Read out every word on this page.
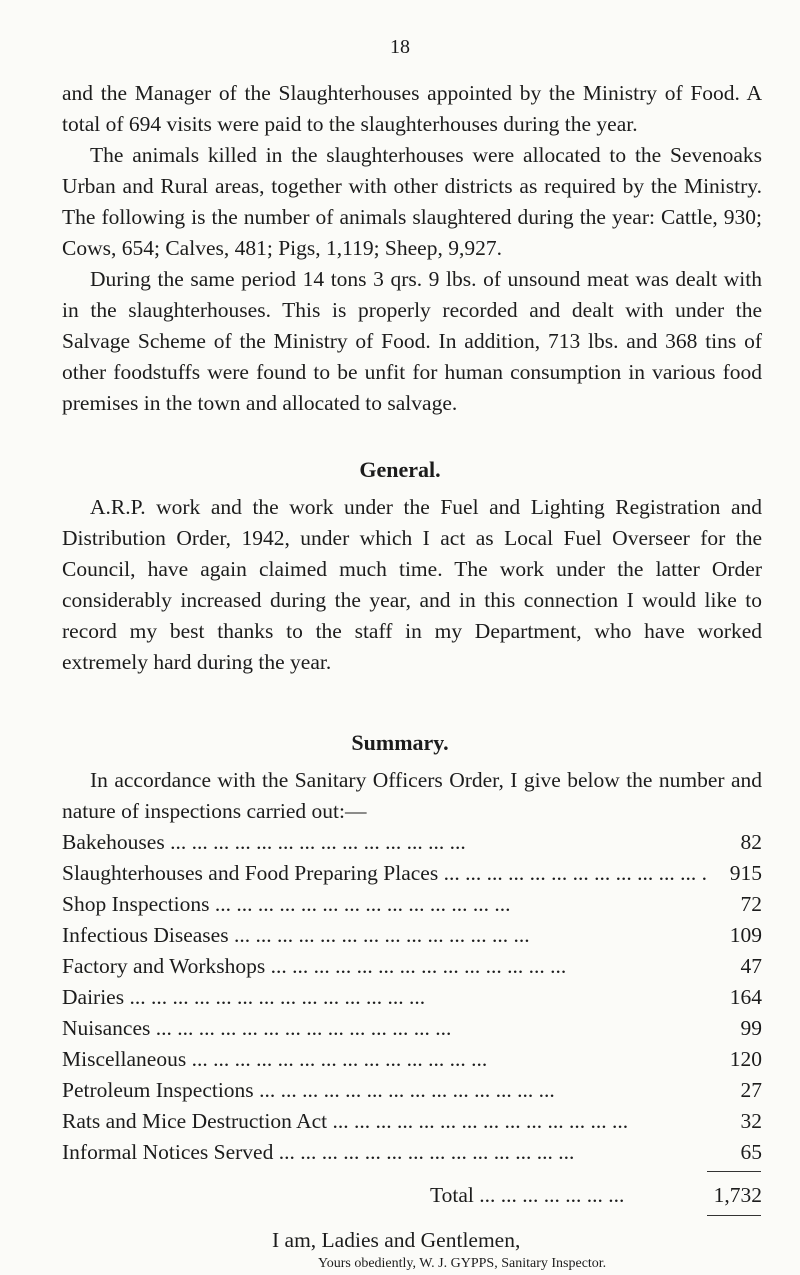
18

and the Manager of the Slaughterhouses appointed by the Ministry of Food. A total of 694 visits were paid to the slaughterhouses during the year.

The animals killed in the slaughterhouses were allocated to the Sevenoaks Urban and Rural areas, together with other districts as required by the Ministry. The following is the number of animals slaughtered during the year: Cattle, 930; Cows, 654; Calves, 481; Pigs, 1,119; Sheep, 9,927.

During the same period 14 tons 3 qrs. 9 lbs. of unsound meat was dealt with in the slaughterhouses. This is properly recorded and dealt with under the Salvage Scheme of the Ministry of Food. In addition, 713 lbs. and 368 tins of other foodstuffs were found to be unfit for human consumption in various food premises in the town and allocated to salvage.

General.

A.R.P. work and the work under the Fuel and Lighting Registration and Distribution Order, 1942, under which I act as Local Fuel Overseer for the Council, have again claimed much time. The work under the latter Order considerably increased during the year, and in this connection I would like to record my best thanks to the staff in my Department, who have worked extremely hard during the year.

Summary.

In accordance with the Sanitary Officers Order, I give below the number and nature of inspections carried out:—

Bakehouses ... .	82
Slaughterhouses and Food Preparing Places ... .	915
Shop Inspections ... .	72
Infectious Diseases ... .	109
Factory and Workshops ... .	47
Dairies ... .	164
Nuisances ... .	99
Miscellaneous ... .	120
Petroleum Inspections ... .	27
Rats and Mice Destruction Act ... .	32
Informal Notices Served ... .	65
Total ... .	1,732
I am, Ladies and Gentlemen,
Yours obediently, W. J. GYPPS, Sanitary Inspector.
